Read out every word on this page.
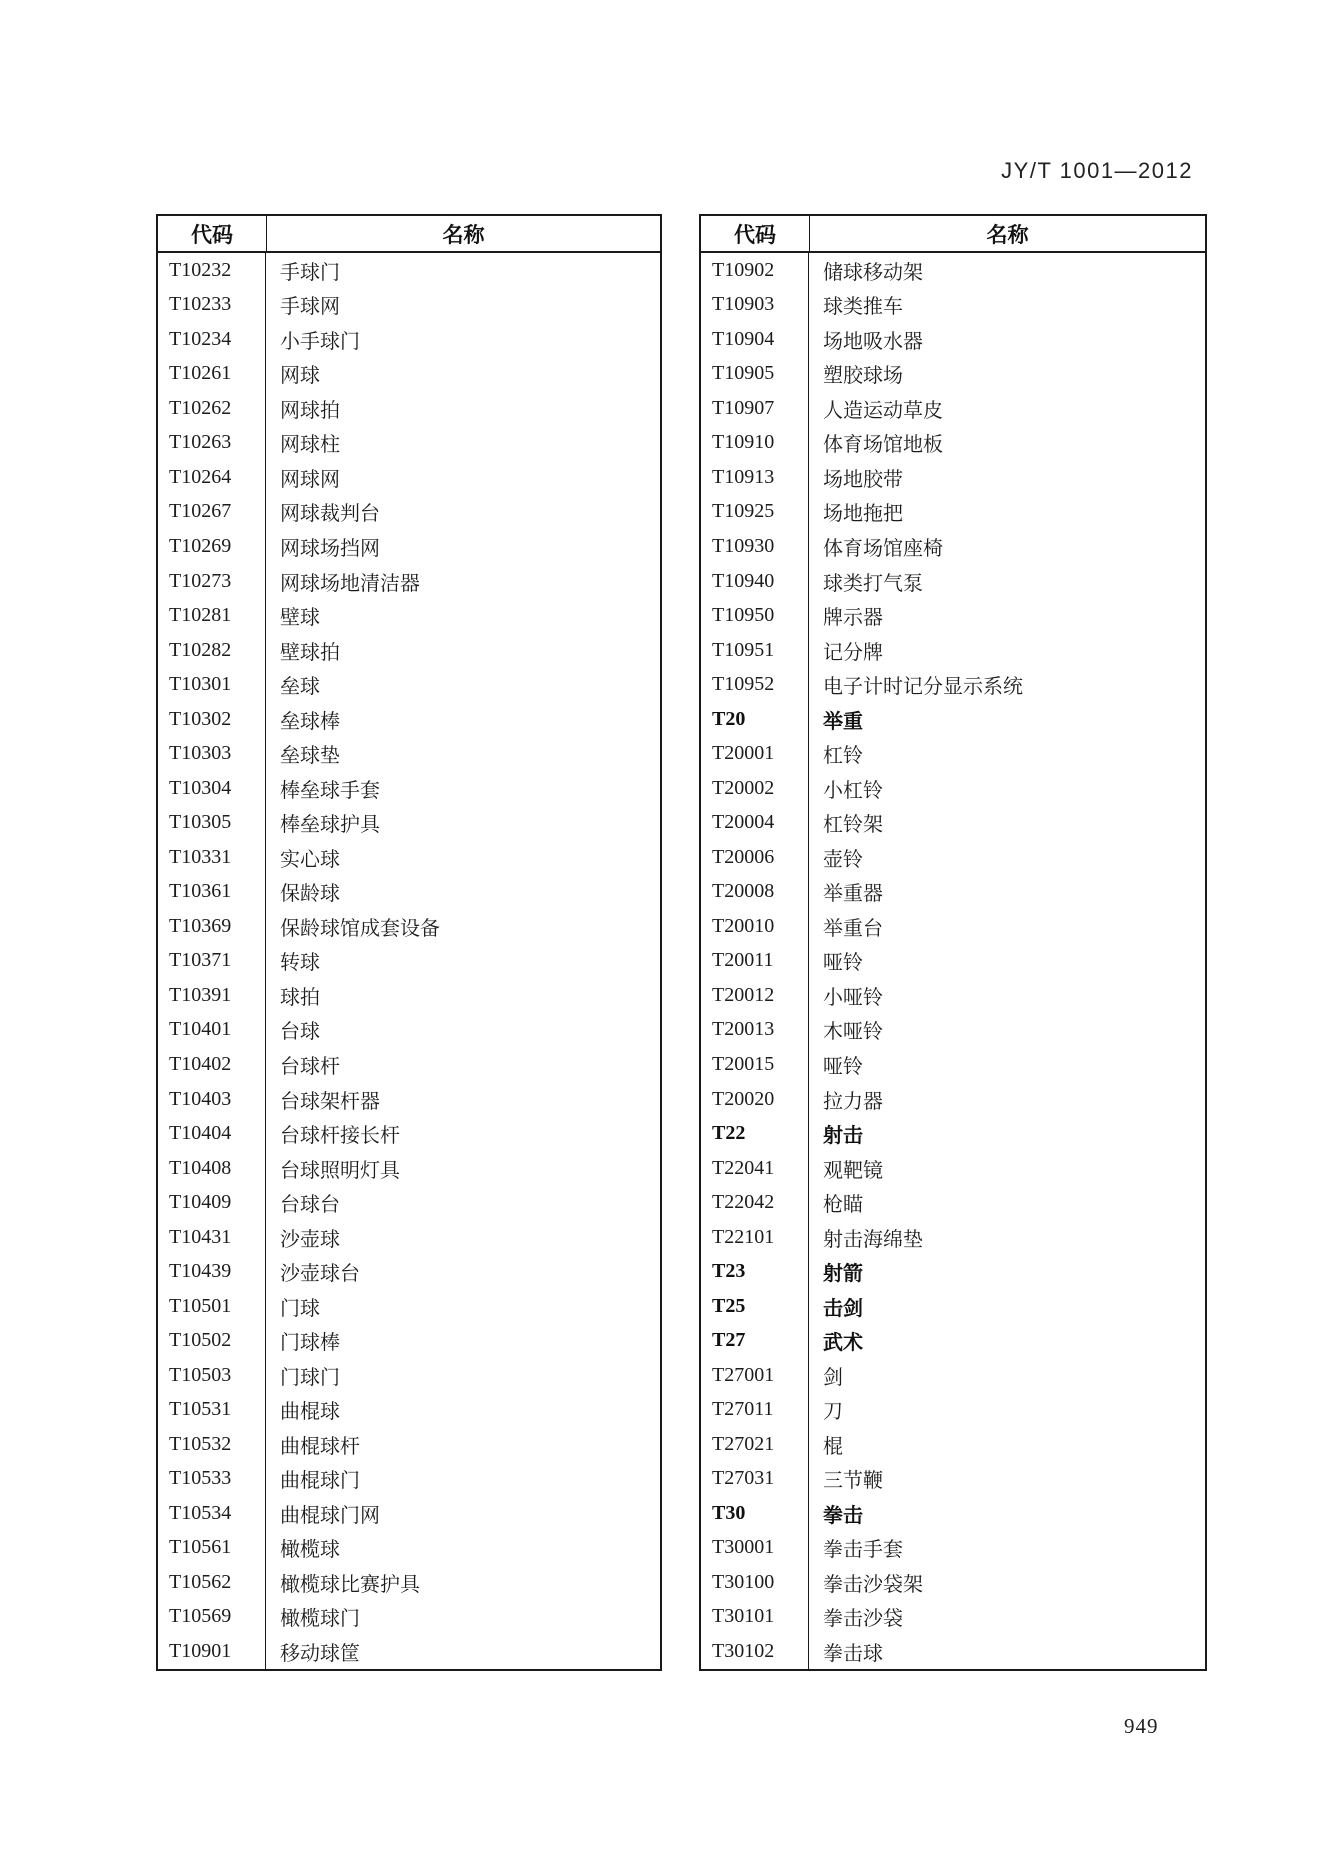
JY/T 1001—2012
代码	名称
T10232	手球门
T10233	手球网
T10234	小手球门
T10261	网球
T10262	网球拍
T10263	网球柱
T10264	网球网
T10267	网球裁判台
T10269	网球场挡网
T10273	网球场地清洁器
T10281	壁球
T10282	壁球拍
T10301	垒球
T10302	垒球棒
T10303	垒球垫
T10304	棒垒球手套
T10305	棒垒球护具
T10331	实心球
T10361	保龄球
T10369	保龄球馆成套设备
T10371	转球
T10391	球拍
T10401	台球
T10402	台球杆
T10403	台球架杆器
T10404	台球杆接长杆
T10408	台球照明灯具
T10409	台球台
T10431	沙壶球
T10439	沙壶球台
T10501	门球
T10502	门球棒
T10503	门球门
T10531	曲棍球
T10532	曲棍球杆
T10533	曲棍球门
T10534	曲棍球门网
T10561	橄榄球
T10562	橄榄球比赛护具
T10569	橄榄球门
T10901	移动球筐
代码	名称
T10902	储球移动架
T10903	球类推车
T10904	场地吸水器
T10905	塑胶球场
T10907	人造运动草皮
T10910	体育场馆地板
T10913	场地胶带
T10925	场地拖把
T10930	体育场馆座椅
T10940	球类打气泵
T10950	牌示器
T10951	记分牌
T10952	电子计时记分显示系统
T20	举重
T20001	杠铃
T20002	小杠铃
T20004	杠铃架
T20006	壶铃
T20008	举重器
T20010	举重台
T20011	哑铃
T20012	小哑铃
T20013	木哑铃
T20015	哑铃
T20020	拉力器
T22	射击
T22041	观靶镜
T22042	枪瞄
T22101	射击海绵垫
T23	射箭
T25	击剑
T27	武术
T27001	剑
T27011	刀
T27021	棍
T27031	三节鞭
T30	拳击
T30001	拳击手套
T30100	拳击沙袋架
T30101	拳击沙袋
T30102	拳击球
949
